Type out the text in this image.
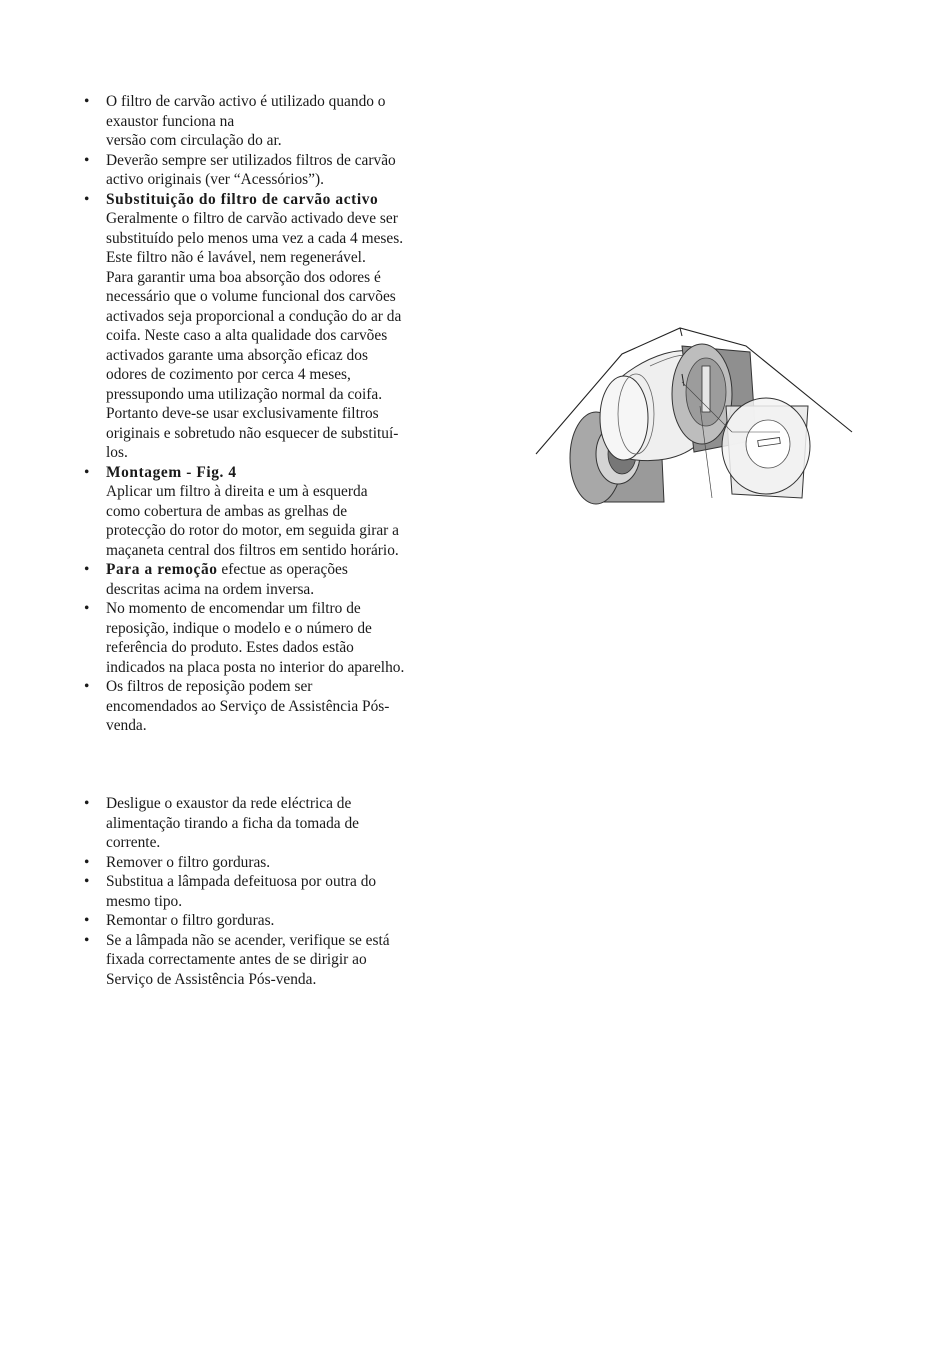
• O filtro de carvão activo é utilizado quando o
exaustor funciona na
versão com circulação do ar.
• Deverão sempre ser utilizados filtros de carvão
activo originais (ver “Acessórios”).
• Substituição do filtro de carvão activo
Geralmente o filtro de carvão activado deve ser
substituído pelo menos uma vez a cada 4 meses.
Este filtro não é lavável, nem regenerável.
Para garantir uma boa absorção dos odores é
necessário que o volume funcional dos carvões
activados seja proporcional a condução do ar da
coifa. Neste caso a alta qualidade dos carvões
activados garante uma absorção eficaz dos
odores de cozimento por cerca 4 meses,
pressupondo uma utilização normal da coifa.
Portanto deve-se usar exclusivamente filtros
originais e sobretudo não esquecer de substituí-
los.
• Montagem - Fig. 4
Aplicar um filtro à direita e um à esquerda
como cobertura de ambas as grelhas de
protecção do rotor do motor, em seguida girar a
maçaneta central dos filtros em sentido horário.
• Para a remoção efectue as operações
descritas acima na ordem inversa.
• No momento de encomendar um filtro de
reposição, indique o modelo e o número de
referência do produto. Estes dados estão
indicados na placa posta no interior do aparelho.
• Os filtros de reposição podem ser
encomendados ao Serviço de Assistência Pós-
venda.
• Desligue o exaustor da rede eléctrica de
alimentação tirando a ficha da tomada de
corrente.
• Remover o filtro gorduras.
• Substitua a lâmpada defeituosa por outra do
mesmo tipo.
• Remontar o filtro gorduras.
• Se a lâmpada não se acender, verifique se está
fixada correctamente antes de se dirigir ao
Serviço de Assistência Pós-venda.
